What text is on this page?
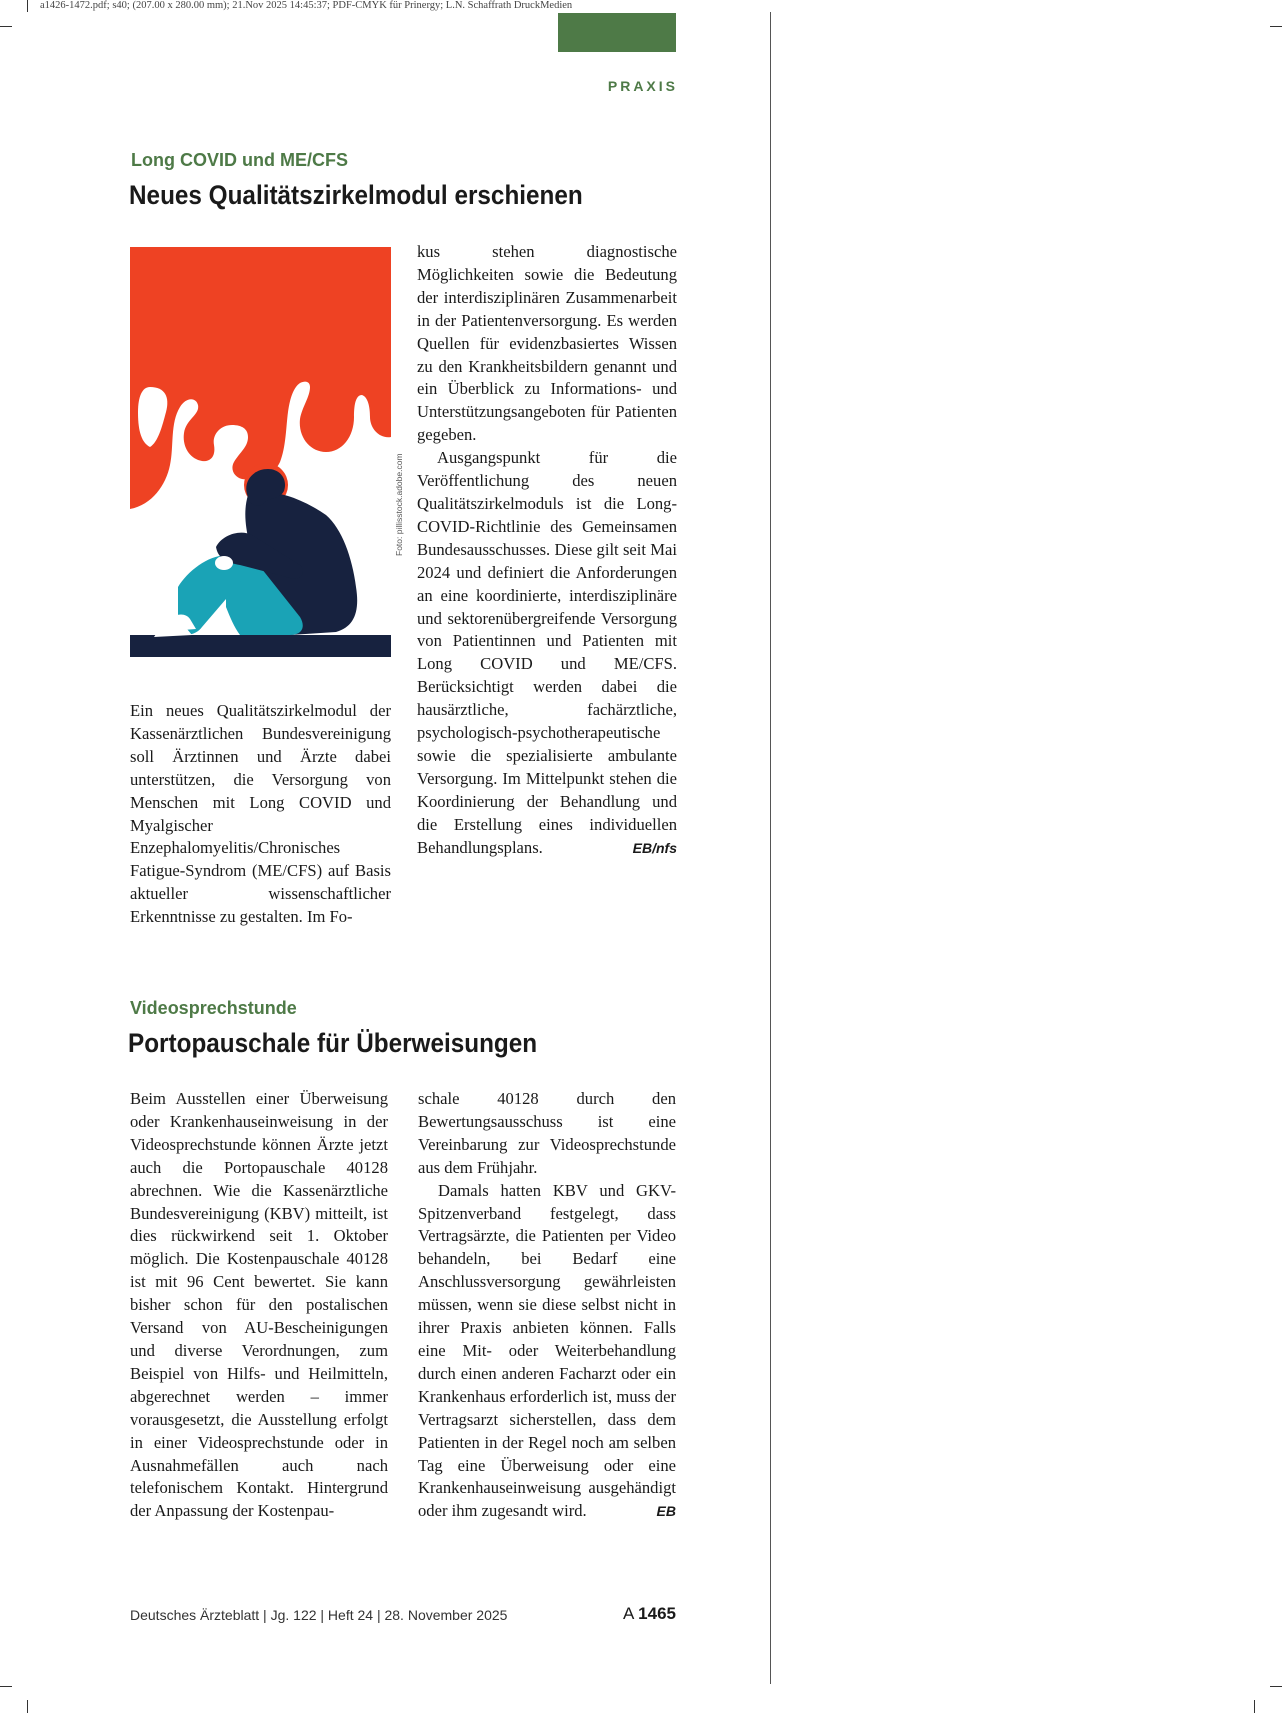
a1426-1472.pdf; s40; (207.00 x 280.00 mm); 21.Nov 2025 14:45:37; PDF-CMYK für Prinergy; L.N. Schaffrath DruckMedien
PRAXIS
Long COVID und ME/CFS
Neues Qualitätszirkelmodul erschienen
Foto: pillisstock.adobe.com

Ein neues Qualitätszirkelmodul der Kassenärztlichen Bundesvereinigung soll Ärztinnen und Ärzte dabei unterstützen, die Versorgung von Menschen mit Long COVID und Myalgischer Enzephalomyelitis/Chronisches Fatigue-Syndrom (ME/CFS) auf Basis aktueller wissenschaftlicher Erkenntnisse zu gestalten. Im Fo-

kus stehen diagnostische Möglichkeiten sowie die Bedeutung der interdisziplinären Zusammenarbeit in der Patientenversorgung. Es werden Quellen für evidenzbasiertes Wissen zu den Krankheitsbildern genannt und ein Überblick zu Informations- und Unterstützungsangeboten für Patienten gegeben.

Ausgangspunkt für die Veröffentlichung des neuen Qualitätszirkelmoduls ist die Long-COVID-Richtlinie des Gemeinsamen Bundesausschusses. Diese gilt seit Mai 2024 und definiert die Anforderungen an eine koordinierte, interdisziplinäre und sektorenübergreifende Versorgung von Patientinnen und Patienten mit Long COVID und ME/CFS. Berücksichtigt werden dabei die hausärztliche, fachärztliche, psychologisch-psychotherapeutische sowie die spezialisierte ambulante Versorgung. Im Mittelpunkt stehen die Koordinierung der Behandlung und die Erstellung eines individuellen Behandlungsplans.	EB/nfs

Videosprechstunde
Portopauschale für Überweisungen

Beim Ausstellen einer Überweisung oder Krankenhauseinweisung in der Videosprechstunde können Ärzte jetzt auch die Portopauschale 40128 abrechnen. Wie die Kassenärztliche Bundesvereinigung (KBV) mitteilt, ist dies rückwirkend seit 1. Oktober möglich. Die Kostenpauschale 40128 ist mit 96 Cent bewertet. Sie kann bisher schon für den postalischen Versand von AU-Bescheinigungen und diverse Verordnungen, zum Beispiel von Hilfs- und Heilmitteln, abgerechnet werden – immer vorausgesetzt, die Ausstellung erfolgt in einer Videosprechstunde oder in Ausnahmefällen auch nach telefonischem Kontakt. Hintergrund der Anpassung der Kostenpau-

schale 40128 durch den Bewertungsausschuss ist eine Vereinbarung zur Videosprechstunde aus dem Frühjahr.

Damals hatten KBV und GKV-Spitzenverband festgelegt, dass Vertragsärzte, die Patienten per Video behandeln, bei Bedarf eine Anschlussversorgung gewährleisten müssen, wenn sie diese selbst nicht in ihrer Praxis anbieten können. Falls eine Mit- oder Weiterbehandlung durch einen anderen Facharzt oder ein Krankenhaus erforderlich ist, muss der Vertragsarzt sicherstellen, dass dem Patienten in der Regel noch am selben Tag eine Überweisung oder eine Krankenhauseinweisung ausgehändigt oder ihm zugesandt wird.	EB

Deutsches Ärzteblatt | Jg. 122 | Heft 24 | 28. November 2025	A 1465
